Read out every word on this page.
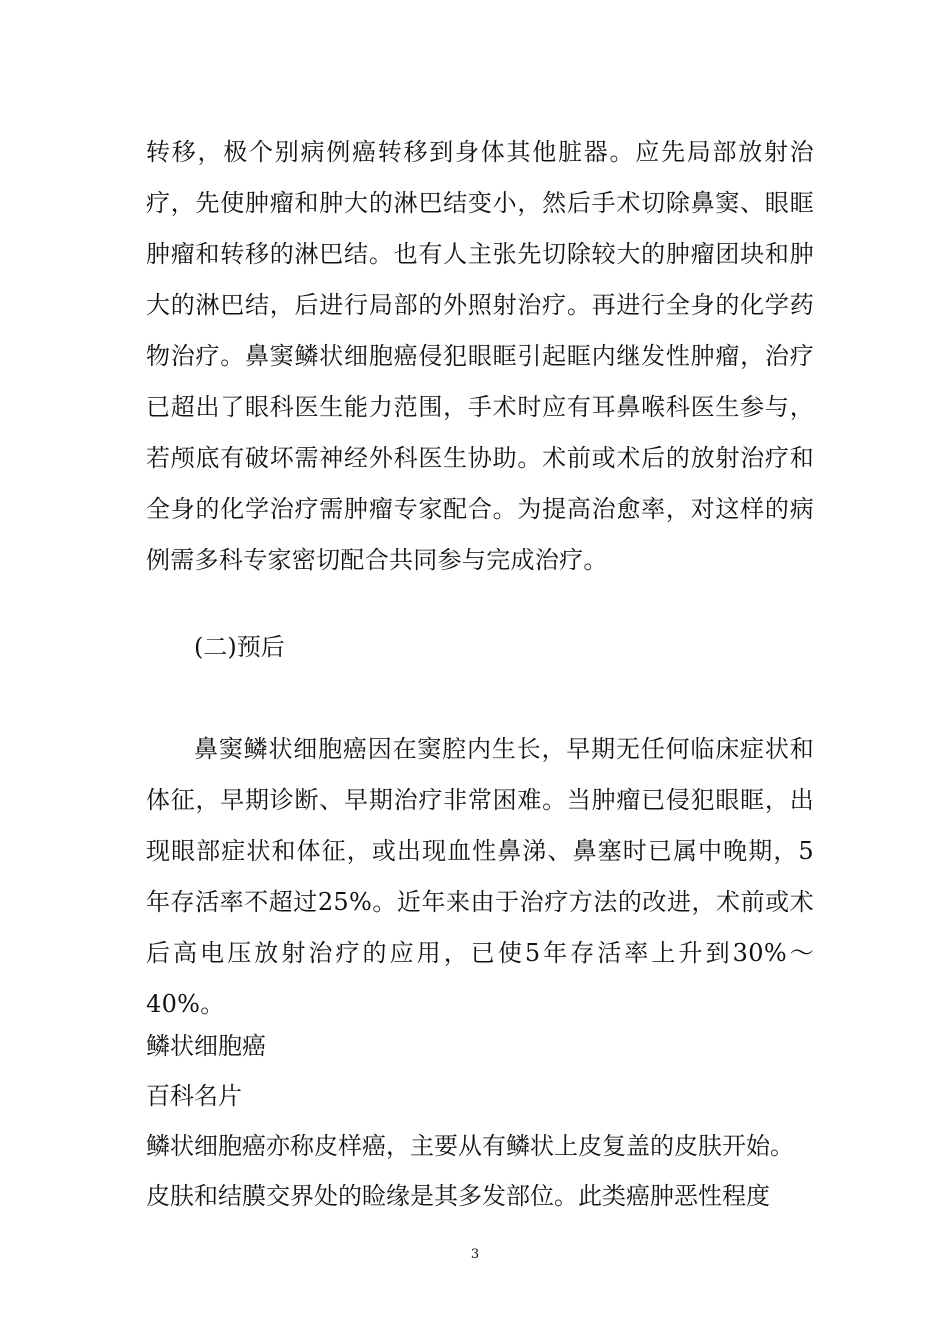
转移，极个别病例癌转移到身体其他脏器。应先局部放射治疗，先使肿瘤和肿大的淋巴结变小，然后手术切除鼻窦、眼眶肿瘤和转移的淋巴结。也有人主张先切除较大的肿瘤团块和肿大的淋巴结，后进行局部的外照射治疗。再进行全身的化学药物治疗。鼻窦鳞状细胞癌侵犯眼眶引起眶内继发性肿瘤，治疗已超出了眼科医生能力范围，手术时应有耳鼻喉科医生参与，若颅底有破坏需神经外科医生协助。术前或术后的放射治疗和全身的化学治疗需肿瘤专家配合。为提高治愈率，对这样的病例需多科专家密切配合共同参与完成治疗。

(二)预后

鼻窦鳞状细胞癌因在窦腔内生长，早期无任何临床症状和体征，早期诊断、早期治疗非常困难。当肿瘤已侵犯眼眶，出现眼部症状和体征，或出现血性鼻涕、鼻塞时已属中晚期，5年存活率不超过25%。近年来由于治疗方法的改进，术前或术后高电压放射治疗的应用，已使5年存活率上升到30%～40%。

鳞状细胞癌
百科名片
鳞状细胞癌亦称皮样癌，主要从有鳞状上皮复盖的皮肤开始。
皮肤和结膜交界处的睑缘是其多发部位。此类癌肿恶性程度
3
